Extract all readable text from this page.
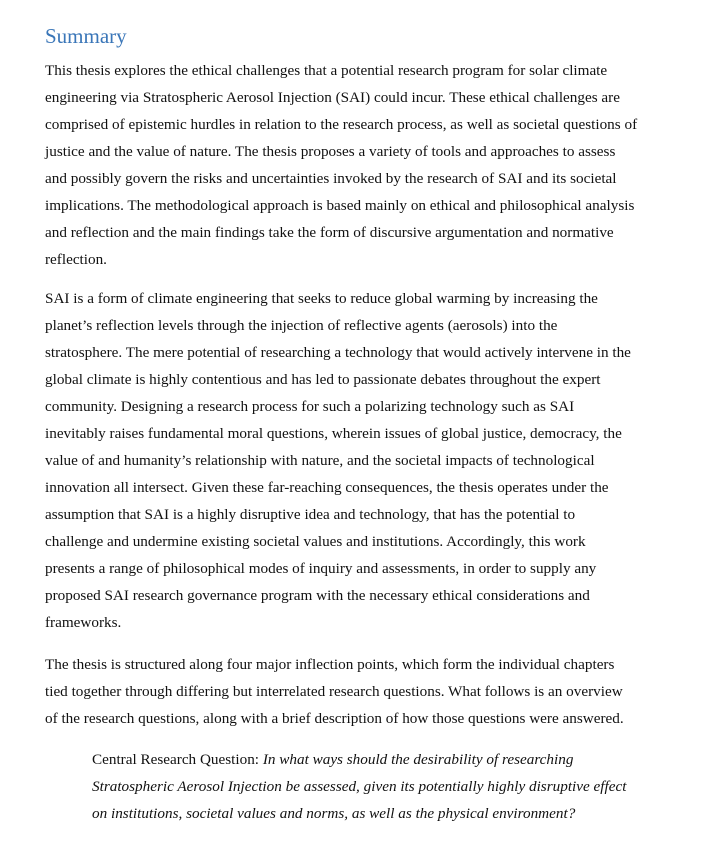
Summary
This thesis explores the ethical challenges that a potential research program for solar climate
engineering via Stratospheric Aerosol Injection (SAI) could incur. These ethical challenges are
comprised of epistemic hurdles in relation to the research process, as well as societal questions of
justice and the value of nature. The thesis proposes a variety of tools and approaches to assess
and possibly govern the risks and uncertainties invoked by the research of SAI and its societal
implications. The methodological approach is based mainly on ethical and philosophical analysis
and reflection and the main findings take the form of discursive argumentation and normative
reflection.
SAI is a form of climate engineering that seeks to reduce global warming by increasing the
planet’s reflection levels through the injection of reflective agents (aerosols) into the
stratosphere. The mere potential of researching a technology that would actively intervene in the
global climate is highly contentious and has led to passionate debates throughout the expert
community. Designing a research process for such a polarizing technology such as SAI
inevitably raises fundamental moral questions, wherein issues of global justice, democracy, the
value of and humanity’s relationship with nature, and the societal impacts of technological
innovation all intersect. Given these far-reaching consequences, the thesis operates under the
assumption that SAI is a highly disruptive idea and technology, that has the potential to
challenge and undermine existing societal values and institutions. Accordingly, this work
presents a range of philosophical modes of inquiry and assessments, in order to supply any
proposed SAI research governance program with the necessary ethical considerations and
frameworks.
The thesis is structured along four major inflection points, which form the individual chapters
tied together through differing but interrelated research questions. What follows is an overview
of the research questions, along with a brief description of how those questions were answered.
Central Research Question: In what ways should the desirability of researching
Stratospheric Aerosol Injection be assessed, given its potentially highly disruptive effect
on institutions, societal values and norms, as well as the physical environment?
